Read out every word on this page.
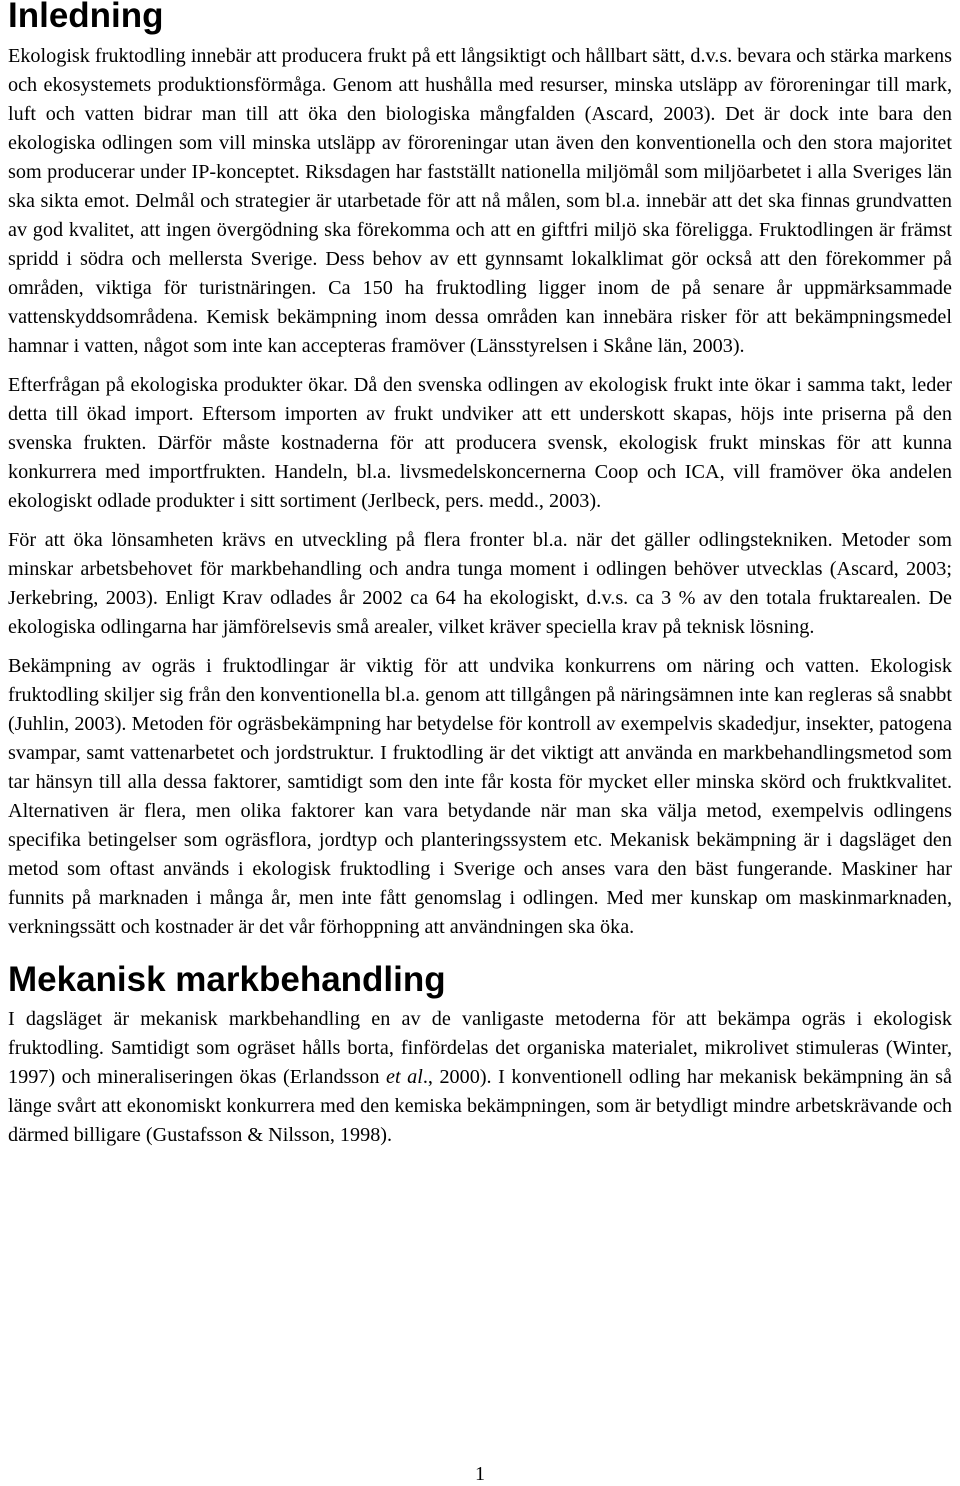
Inledning

Ekologisk fruktodling innebär att producera frukt på ett långsiktigt och hållbart sätt, d.v.s. bevara och stärka markens och ekosystemets produktionsförmåga. Genom att hushålla med resurser, minska utsläpp av föroreningar till mark, luft och vatten bidrar man till att öka den biologiska mångfalden (Ascard, 2003). Det är dock inte bara den ekologiska odlingen som vill minska utsläpp av föroreningar utan även den konventionella och den stora majoritet som producerar under IP-konceptet. Riksdagen har fastställt nationella miljömål som miljöarbetet i alla Sveriges län ska sikta emot. Delmål och strategier är utarbetade för att nå målen, som bl.a. innebär att det ska finnas grundvatten av god kvalitet, att ingen övergödning ska förekomma och att en giftfri miljö ska föreligga. Fruktodlingen är främst spridd i södra och mellersta Sverige. Dess behov av ett gynnsamt lokalklimat gör också att den förekommer på områden, viktiga för turistnäringen. Ca 150 ha fruktodling ligger inom de på senare år uppmärksammade vattenskyddsområdena. Kemisk bekämpning inom dessa områden kan innebära risker för att bekämpningsmedel hamnar i vatten, något som inte kan accepteras framöver (Länsstyrelsen i Skåne län, 2003).

Efterfrågan på ekologiska produkter ökar. Då den svenska odlingen av ekologisk frukt inte ökar i samma takt, leder detta till ökad import. Eftersom importen av frukt undviker att ett underskott skapas, höjs inte priserna på den svenska frukten. Därför måste kostnaderna för att producera svensk, ekologisk frukt minskas för att kunna konkurrera med importfrukten. Handeln, bl.a. livsmedelskoncernerna Coop och ICA, vill framöver öka andelen ekologiskt odlade produkter i sitt sortiment (Jerlbeck, pers. medd., 2003).

För att öka lönsamheten krävs en utveckling på flera fronter bl.a. när det gäller odlingstekniken. Metoder som minskar arbetsbehovet för markbehandling och andra tunga moment i odlingen behöver utvecklas (Ascard, 2003; Jerkebring, 2003). Enligt Krav odlades år 2002 ca 64 ha ekologiskt, d.v.s. ca 3 % av den totala fruktarealen. De ekologiska odlingarna har jämförelsevis små arealer, vilket kräver speciella krav på teknisk lösning.

Bekämpning av ogräs i fruktodlingar är viktig för att undvika konkurrens om näring och vatten. Ekologisk fruktodling skiljer sig från den konventionella bl.a. genom att tillgången på näringsämnen inte kan regleras så snabbt (Juhlin, 2003). Metoden för ogräsbekämpning har betydelse för kontroll av exempelvis skadedjur, insekter, patogena svampar, samt vattenarbetet och jordstruktur. I fruktodling är det viktigt att använda en markbehandlingsmetod som tar hänsyn till alla dessa faktorer, samtidigt som den inte får kosta för mycket eller minska skörd och fruktkvalitet. Alternativen är flera, men olika faktorer kan vara betydande när man ska välja metod, exempelvis odlingens specifika betingelser som ogräsflora, jordtyp och planteringssystem etc. Mekanisk bekämpning är i dagsläget den metod som oftast används i ekologisk fruktodling i Sverige och anses vara den bäst fungerande. Maskiner har funnits på marknaden i många år, men inte fått genomslag i odlingen. Med mer kunskap om maskinmarknaden, verkningssätt och kostnader är det vår förhoppning att användningen ska öka.

Mekanisk markbehandling

I dagsläget är mekanisk markbehandling en av de vanligaste metoderna för att bekämpa ogräs i ekologisk fruktodling. Samtidigt som ogräset hålls borta, finfördelas det organiska materialet, mikrolivet stimuleras (Winter, 1997) och mineraliseringen ökas (Erlandsson et al., 2000). I konventionell odling har mekanisk bekämpning än så länge svårt att ekonomiskt konkurrera med den kemiska bekämpningen, som är betydligt mindre arbetskrävande och därmed billigare (Gustafsson & Nilsson, 1998).

1
